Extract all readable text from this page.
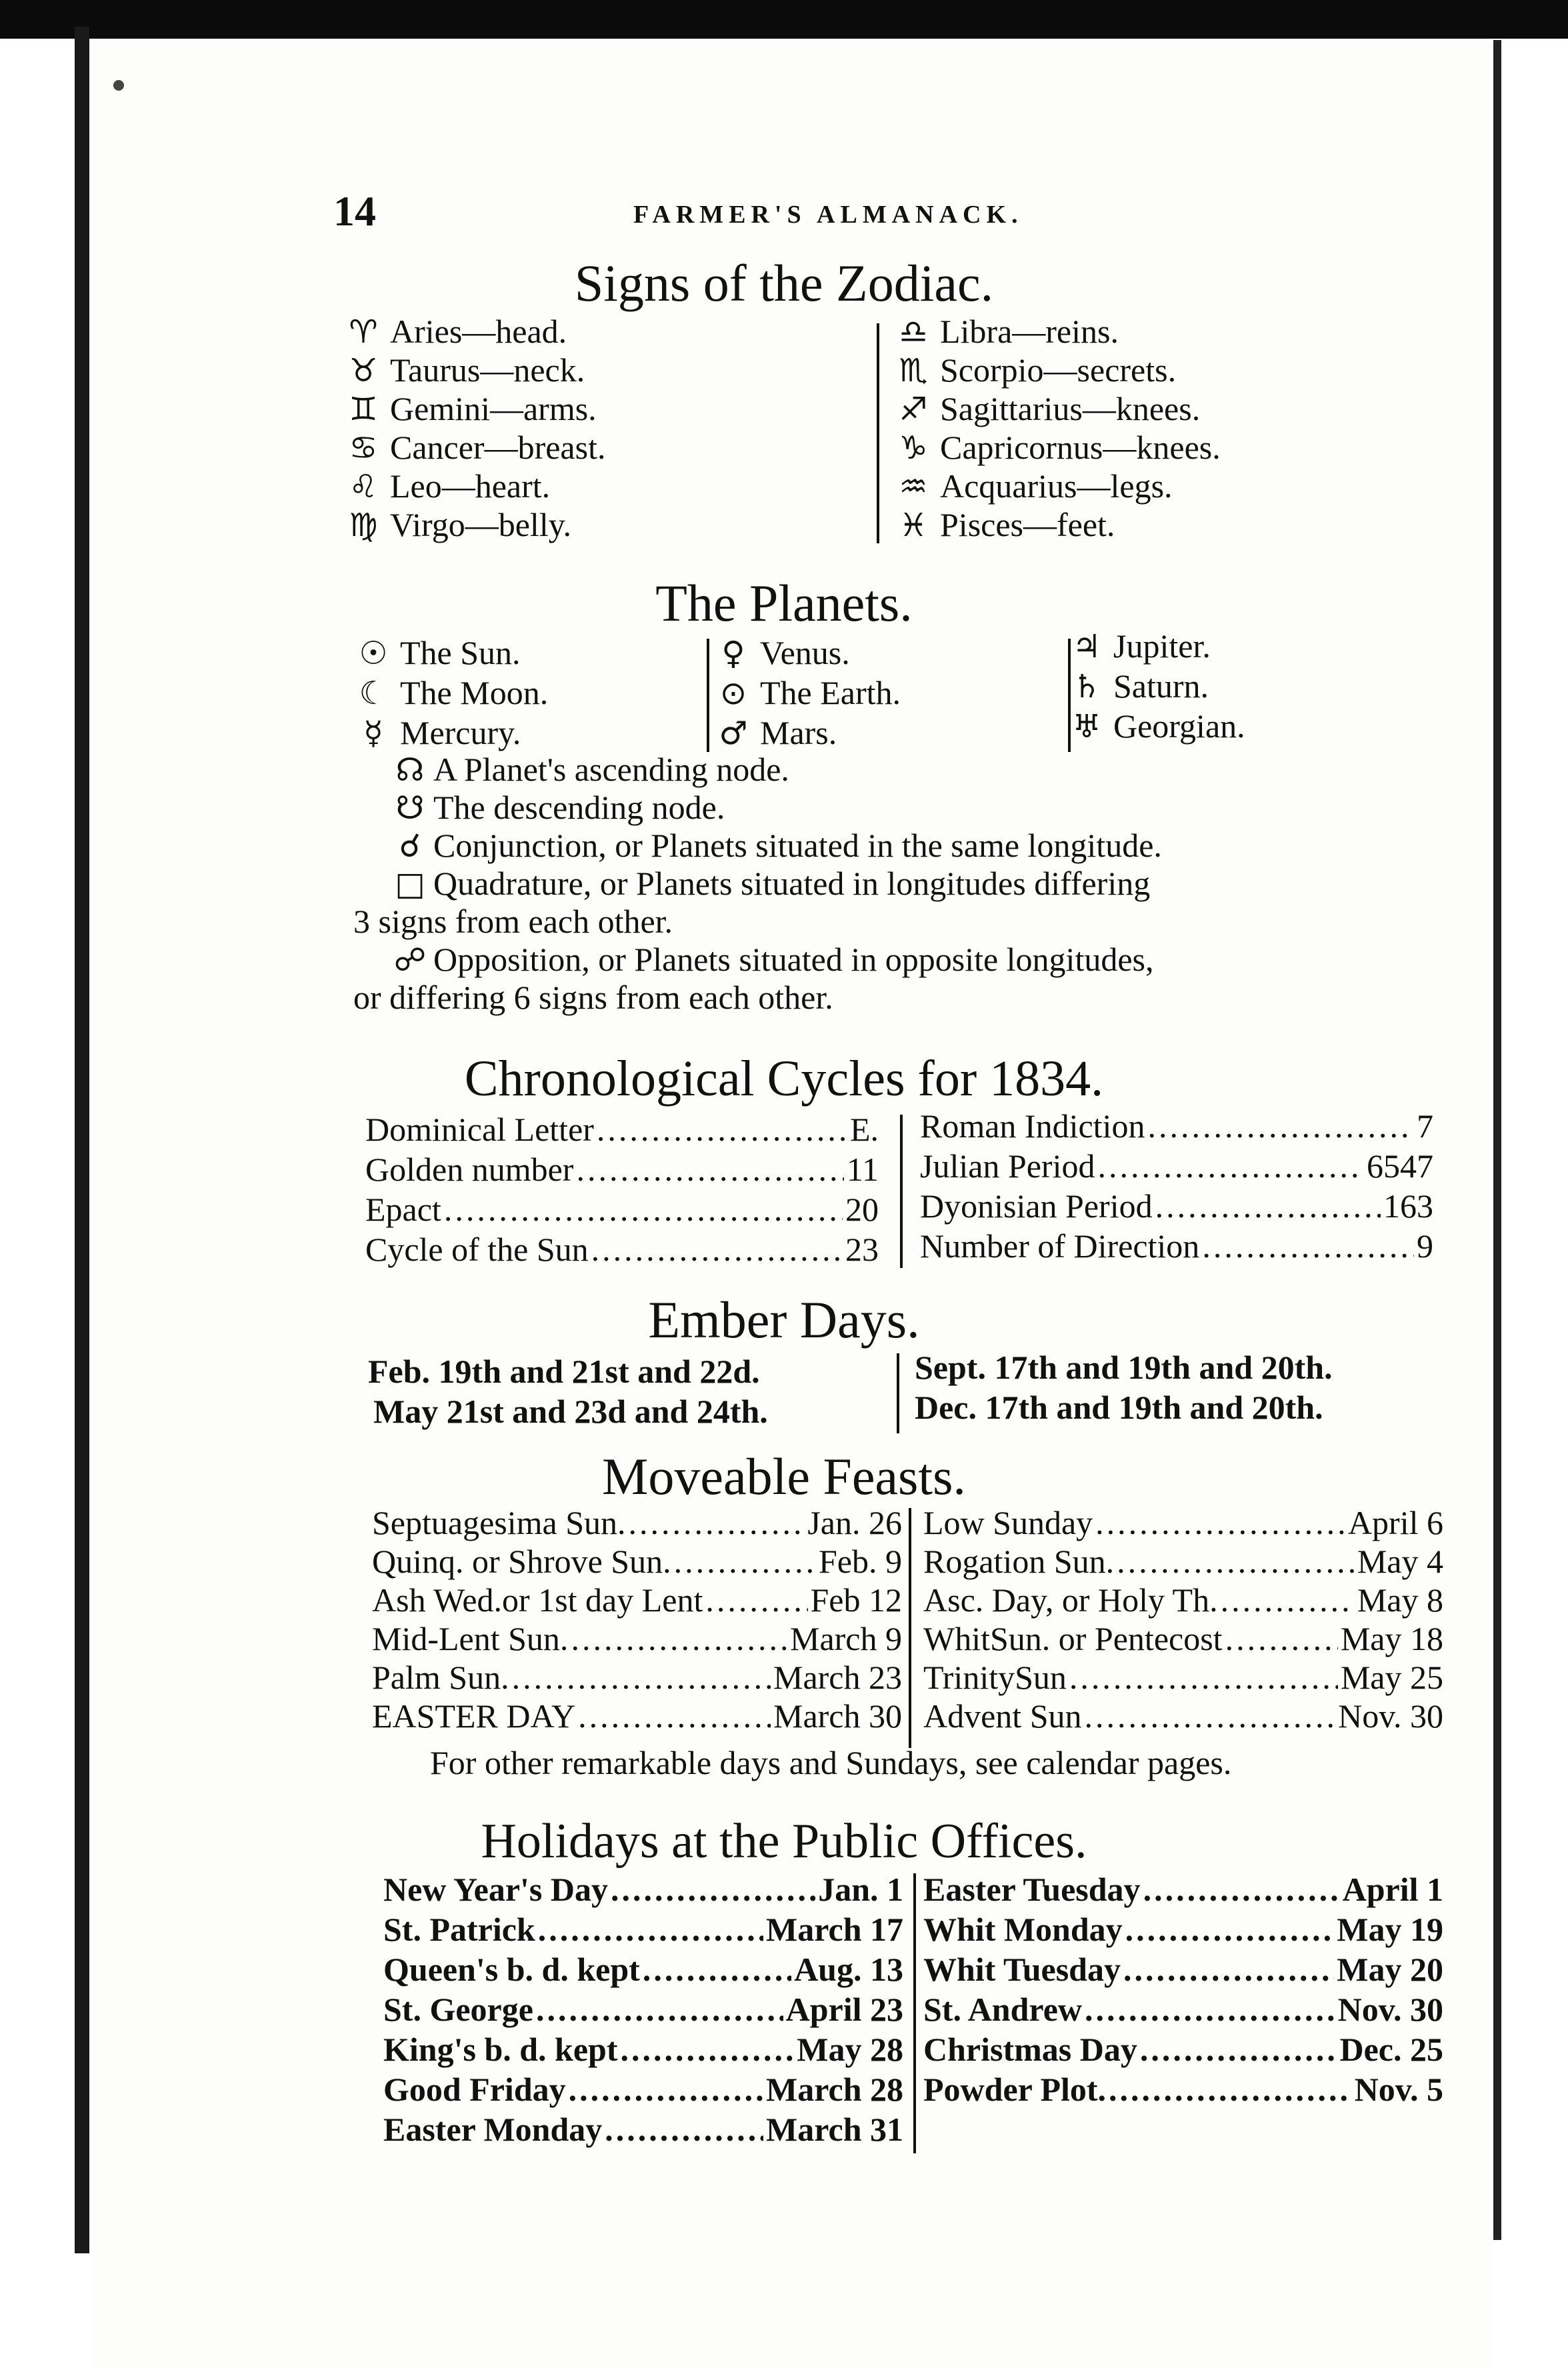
14	FARMER'S ALMANACK.
Signs of the Zodiac.
♈ Aries—head.
♉ Taurus—neck.
♊ Gemini—arms.
♋ Cancer—breast.
♌ Leo—heart.
♍ Virgo—belly.
♎ Libra—reins.
♏ Scorpio—secrets.
♐ Sagittarius—knees.
♑ Capricornus—knees.
♒ Acquarius—legs.
♓ Pisces—feet.
The Planets.
☉ The Sun.
☾ The Moon.
☿ Mercury.
♀ Venus.
⊙ The Earth.
♂ Mars.
♃ Jupiter.
♄ Saturn.
♅ Georgian.
☊ A Planet's ascending node.
☋ The descending node.
☌ Conjunction, or Planets situated in the same longitude.
□ Quadrature, or Planets situated in longitudes differing
3 signs from each other.
☍ Opposition, or Planets situated in opposite longitudes,
or differing 6 signs from each other.
Chronological Cycles for 1834.
Dominical Letter .....	E.
Golden number .....	11
Epact .....	20
Cycle of the Sun .....	23
Roman Indiction .....	7
Julian Period .....	6547
Dyonisian Period .....	163
Number of Direction .....	9
Ember Days.
Feb. 19th and 21st and 22d.
May 21st and 23d and 24th.
Sept. 17th and 19th and 20th.
Dec. 17th and 19th and 20th.
Moveable Feasts.
Septuagesima Sun. .....	Jan. 26
Quinq. or Shrove Sun. .....	Feb. 9
Ash Wed.or 1st day Lent .....	Feb 12
Mid-Lent Sun. .....	March 9
Palm Sun. .....	March 23
EASTER DAY .....	March 30
Low Sunday .....	April 6
Rogation Sun. .....	May 4
Asc. Day, or Holy Th. .....	May 8
WhitSun. or Pentecost .....	May 18
TrinitySun .....	May 25
Advent Sun .....	Nov. 30
For other remarkable days and Sundays, see calendar pages.
Holidays at the Public Offices.
New Year's Day .....	Jan. 1
St. Patrick .....	March 17
Queen's b. d. kept .....	Aug. 13
St. George .....	April 23
King's b. d. kept .....	May 28
Good Friday .....	March 28
Easter Monday .....	March 31
Easter Tuesday .....	April 1
Whit Monday .....	May 19
Whit Tuesday .....	May 20
St. Andrew .....	Nov. 30
Christmas Day .....	Dec. 25
Powder Plot. .....	Nov. 5
